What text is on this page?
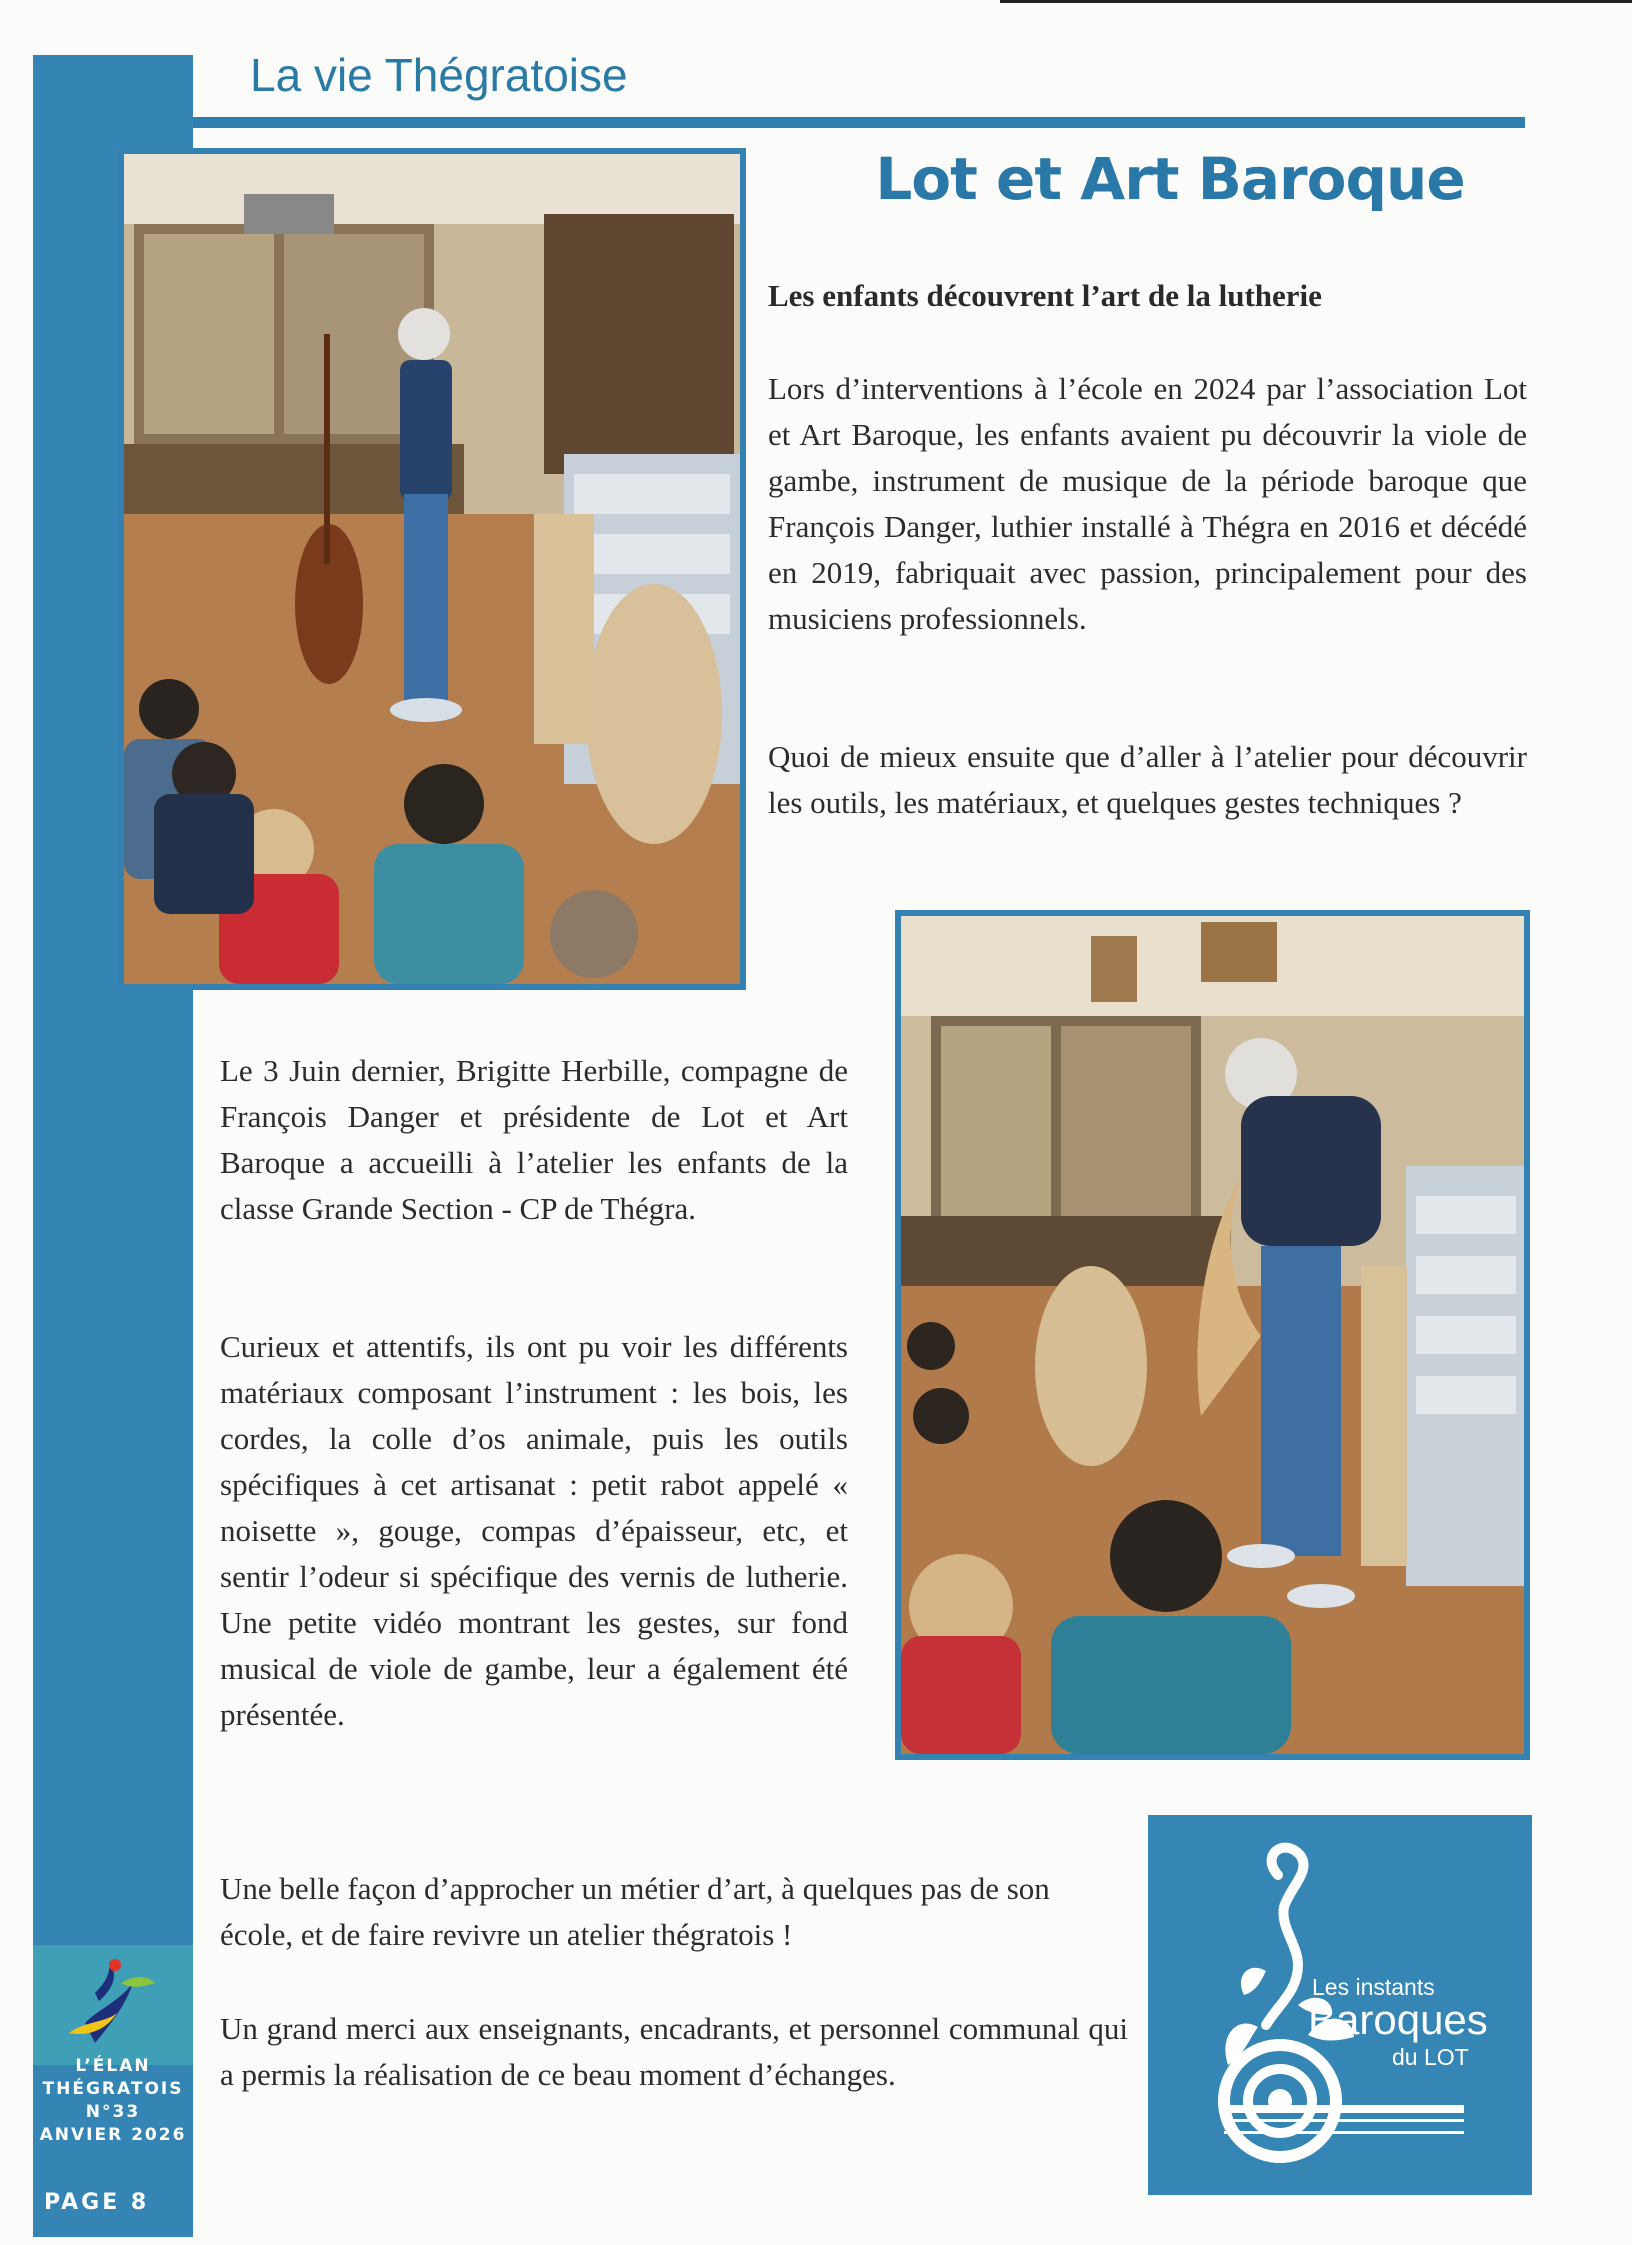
L’ÉLAN
THÉGRATOIS
N°33
ANVIER 2026
PAGE 8
La vie Thégratoise
Lot et Art Baroque
Les enfants découvrent l’art de la lutherie

Lors d’interventions à l’école en 2024 par l’association Lot et Art Baroque, les enfants avaient pu découvrir la viole de gambe, instrument de musique de la période baroque que François Danger, luthier installé à Thégra en 2016 et décédé en 2019, fabriquait avec passion, principalement pour des musiciens professionnels.

Quoi de mieux ensuite que d’aller à l’atelier pour découvrir les outils, les matériaux, et quelques gestes techniques ?

Le 3 Juin dernier, Brigitte Herbille, compagne de François Danger et présidente de Lot et Art Baroque a accueilli à l’atelier les enfants de la classe Grande Section - CP de Thégra.

Curieux et attentifs, ils ont pu voir les différents matériaux composant l’instrument : les bois, les cordes, la colle d’os animale, puis les outils spécifiques à cet artisanat : petit rabot appelé « noisette », gouge, compas d’épaisseur, etc, et sentir l’odeur si spécifique des vernis de lutherie. Une petite vidéo montrant les gestes, sur fond musical de viole de gambe, leur a également été présentée.

Une belle façon d’approcher un métier d’art, à quelques pas de son école, et de faire revivre un atelier thégratois !

Un grand merci aux enseignants, encadrants, et personnel communal qui a permis la réalisation de ce beau moment d’échanges.

Les instants
Baroques
du LOT
